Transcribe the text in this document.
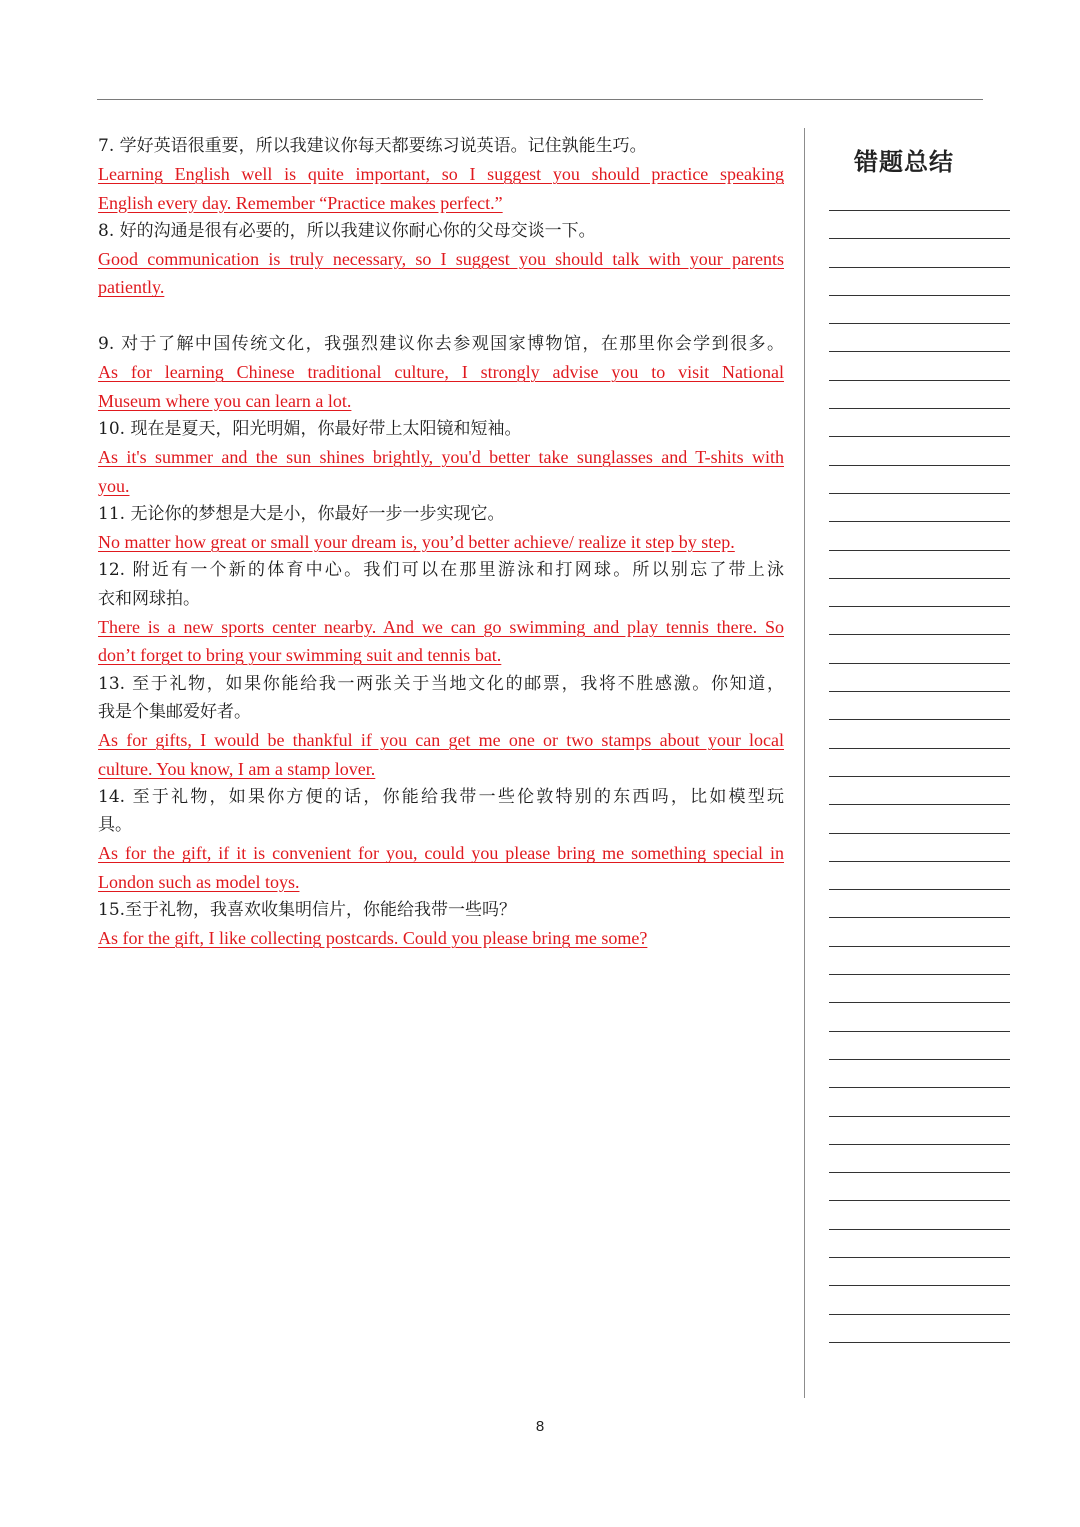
7. 学好英语很重要，所以我建议你每天都要练习说英语。记住孰能生巧。
Learning English well is quite important, so I suggest you should practice speaking
English every day. Remember “Practice makes perfect.”
8. 好的沟通是很有必要的，所以我建议你耐心你的父母交谈一下。
Good communication is truly necessary, so I suggest you should talk with your parents
patiently.
9. 对于了解中国传统文化，我强烈建议你去参观国家博物馆，在那里你会学到很多。
As for learning Chinese traditional culture, I strongly advise you to visit National
Museum where you can learn a lot.
10. 现在是夏天，阳光明媚，你最好带上太阳镜和短袖。
As it's summer and the sun shines brightly, you'd better take sunglasses and T-shits with
you.
11. 无论你的梦想是大是小，你最好一步一步实现它。
No matter how great or small your dream is, you’d better achieve/ realize it step by step.
12. 附近有一个新的体育中心。我们可以在那里游泳和打网球。所以别忘了带上泳
衣和网球拍。
There is a new sports center nearby. And we can go swimming and play tennis there. So
don’t forget to bring your swimming suit and tennis bat.
13. 至于礼物，如果你能给我一两张关于当地文化的邮票，我将不胜感激。你知道，
我是个集邮爱好者。
As for gifts, I would be thankful if you can get me one or two stamps about your local
culture. You know, I am a stamp lover.
14. 至于礼物，如果你方便的话，你能给我带一些伦敦特别的东西吗，比如模型玩
具。
As for the gift, if it is convenient for you, could you please bring me something special in
London such as model toys.
15.至于礼物，我喜欢收集明信片，你能给我带一些吗？
As for the gift, I like collecting postcards. Could you please bring me some?
错题总结
8
